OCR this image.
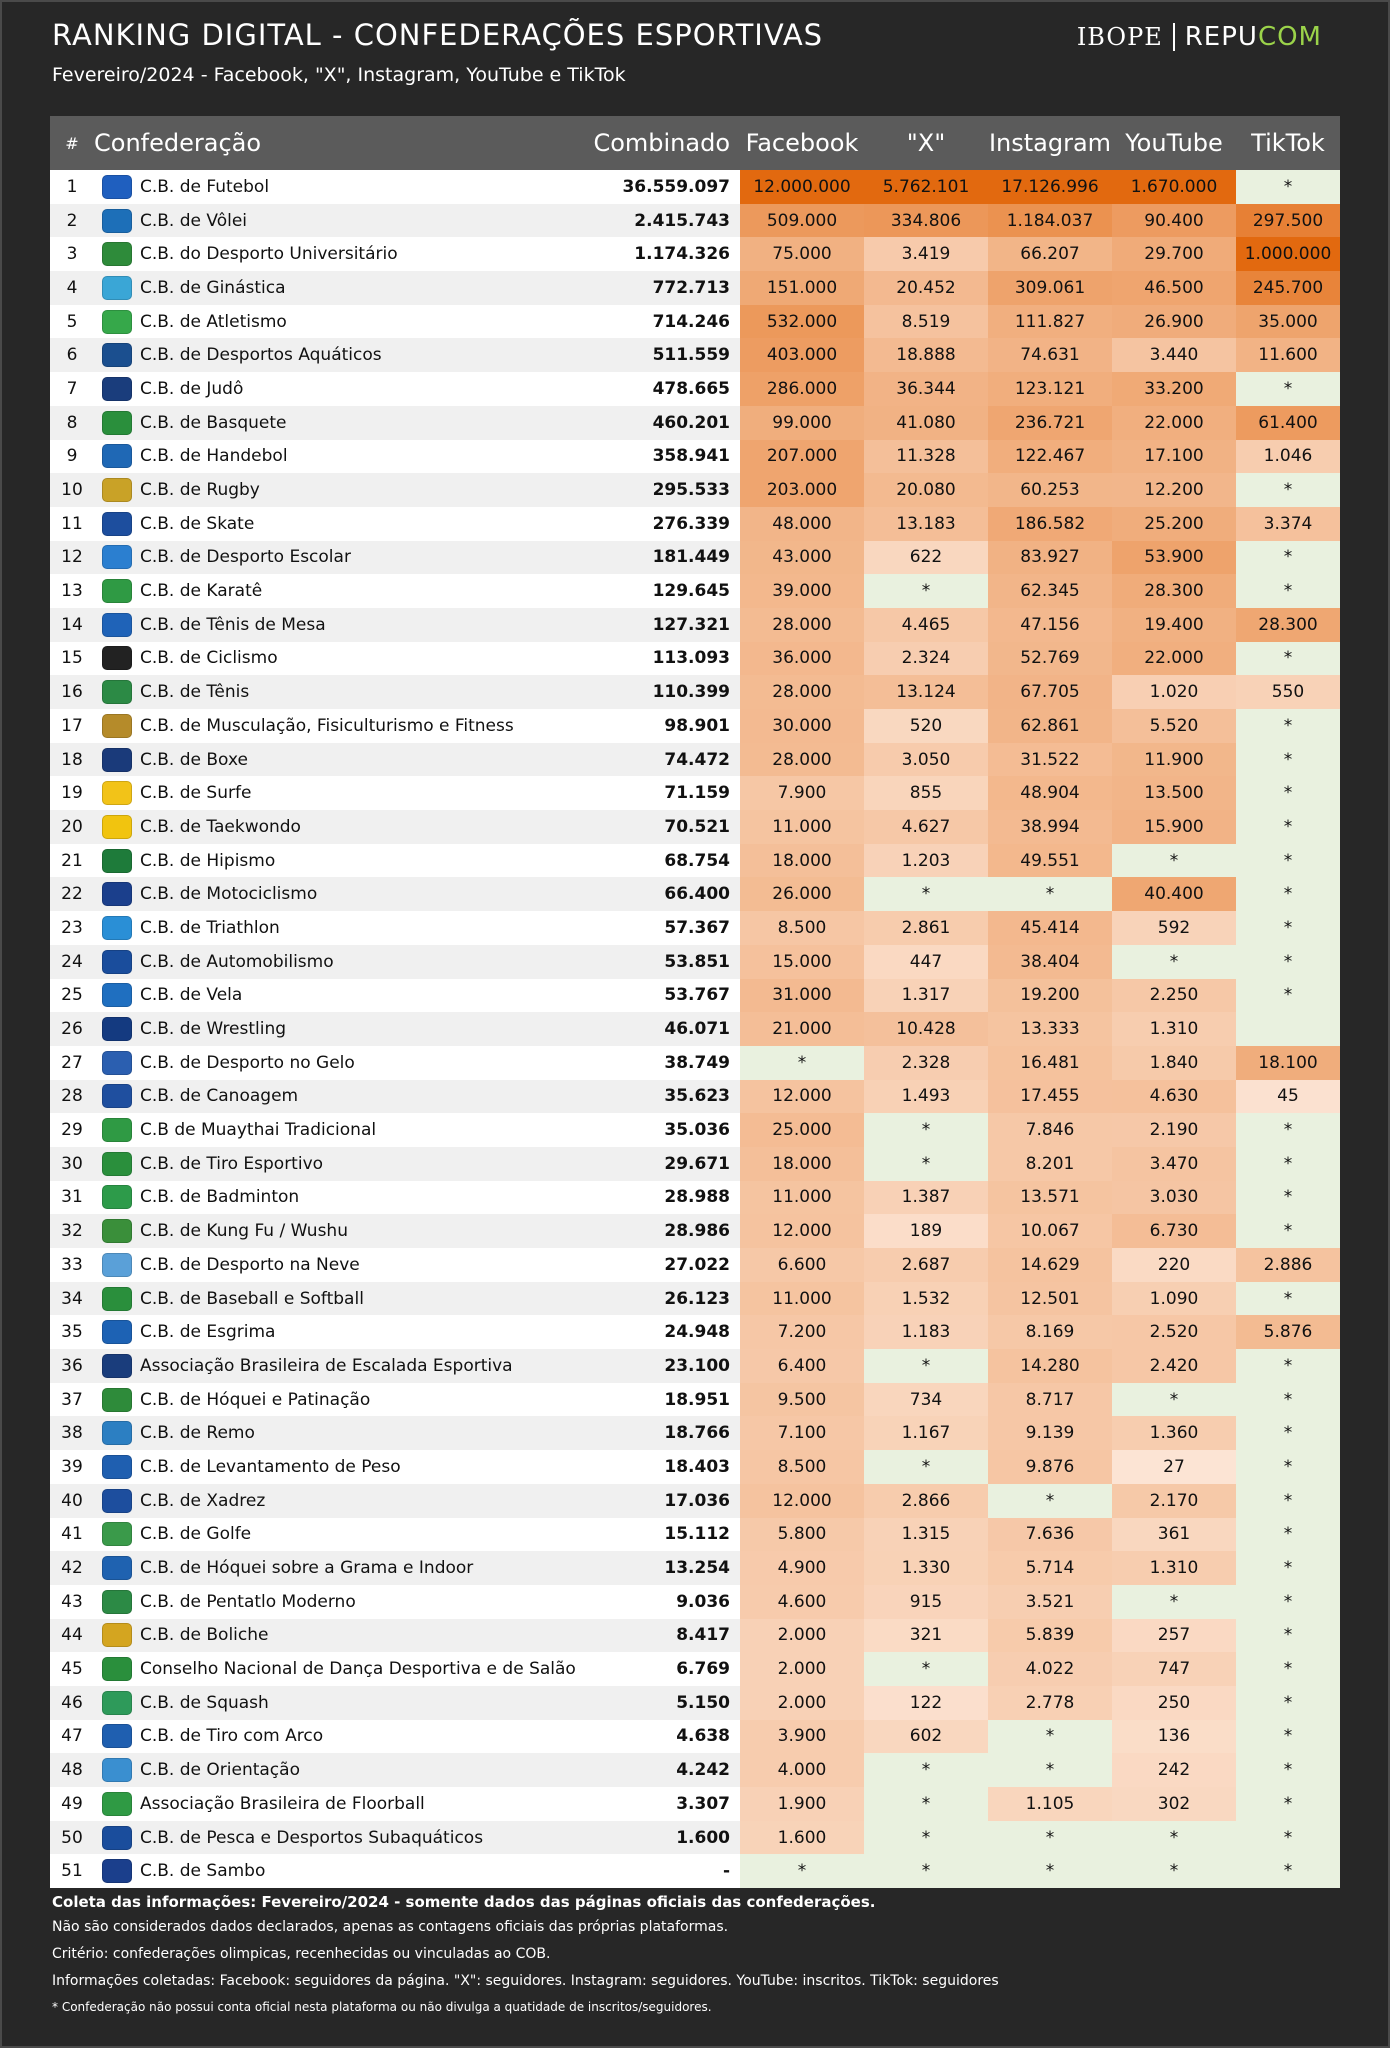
RANKING DIGITAL - CONFEDERAÇÕES ESPORTIVAS
Fevereiro/2024 - Facebook, "X", Instagram, YouTube e TikTok
IBOPE REPUCOM
#	Confederação		Combinado	Facebook	"X"	Instagram	YouTube	TikTok
1		C.B. de Futebol	36.559.097	12.000.000	5.762.101	17.126.996	1.670.000	*
2		C.B. de Vôlei	2.415.743	509.000	334.806	1.184.037	90.400	297.500
3		C.B. do Desporto Universitário	1.174.326	75.000	3.419	66.207	29.700	1.000.000
4		C.B. de Ginástica	772.713	151.000	20.452	309.061	46.500	245.700
5		C.B. de Atletismo	714.246	532.000	8.519	111.827	26.900	35.000
6		C.B. de Desportos Aquáticos	511.559	403.000	18.888	74.631	3.440	11.600
7		C.B. de Judô	478.665	286.000	36.344	123.121	33.200	*
8		C.B. de Basquete	460.201	99.000	41.080	236.721	22.000	61.400
9		C.B. de Handebol	358.941	207.000	11.328	122.467	17.100	1.046
10		C.B. de Rugby	295.533	203.000	20.080	60.253	12.200	*
11		C.B. de Skate	276.339	48.000	13.183	186.582	25.200	3.374
12		C.B. de Desporto Escolar	181.449	43.000	622	83.927	53.900	*
13		C.B. de Karatê	129.645	39.000	*	62.345	28.300	*
14		C.B. de Tênis de Mesa	127.321	28.000	4.465	47.156	19.400	28.300
15		C.B. de Ciclismo	113.093	36.000	2.324	52.769	22.000	*
16		C.B. de Tênis	110.399	28.000	13.124	67.705	1.020	550
17		C.B. de Musculação, Fisiculturismo e Fitness	98.901	30.000	520	62.861	5.520	*
18		C.B. de Boxe	74.472	28.000	3.050	31.522	11.900	*
19		C.B. de Surfe	71.159	7.900	855	48.904	13.500	*
20		C.B. de Taekwondo	70.521	11.000	4.627	38.994	15.900	*
21		C.B. de Hipismo	68.754	18.000	1.203	49.551	*	*
22		C.B. de Motociclismo	66.400	26.000	*	*	40.400	*
23		C.B. de Triathlon	57.367	8.500	2.861	45.414	592	*
24		C.B. de Automobilismo	53.851	15.000	447	38.404	*	*
25		C.B. de Vela	53.767	31.000	1.317	19.200	2.250	*
26		C.B. de Wrestling	46.071	21.000	10.428	13.333	1.310	
27		C.B. de Desporto no Gelo	38.749	*	2.328	16.481	1.840	18.100
28		C.B. de Canoagem	35.623	12.000	1.493	17.455	4.630	45
29		C.B de Muaythai Tradicional	35.036	25.000	*	7.846	2.190	*
30		C.B. de Tiro Esportivo	29.671	18.000	*	8.201	3.470	*
31		C.B. de Badminton	28.988	11.000	1.387	13.571	3.030	*
32		C.B. de Kung Fu / Wushu	28.986	12.000	189	10.067	6.730	*
33		C.B. de Desporto na Neve	27.022	6.600	2.687	14.629	220	2.886
34		C.B. de Baseball e Softball	26.123	11.000	1.532	12.501	1.090	*
35		C.B. de Esgrima	24.948	7.200	1.183	8.169	2.520	5.876
36		Associação Brasileira de Escalada Esportiva	23.100	6.400	*	14.280	2.420	*
37		C.B. de Hóquei e Patinação	18.951	9.500	734	8.717	*	*
38		C.B. de Remo	18.766	7.100	1.167	9.139	1.360	*
39		C.B. de Levantamento de Peso	18.403	8.500	*	9.876	27	*
40		C.B. de Xadrez	17.036	12.000	2.866	*	2.170	*
41		C.B. de Golfe	15.112	5.800	1.315	7.636	361	*
42		C.B. de Hóquei sobre a Grama e Indoor	13.254	4.900	1.330	5.714	1.310	*
43		C.B. de Pentatlo Moderno	9.036	4.600	915	3.521	*	*
44		C.B. de Boliche	8.417	2.000	321	5.839	257	*
45		Conselho Nacional de Dança Desportiva e de Salão	6.769	2.000	*	4.022	747	*
46		C.B. de Squash	5.150	2.000	122	2.778	250	*
47		C.B. de Tiro com Arco	4.638	3.900	602	*	136	*
48		C.B. de Orientação	4.242	4.000	*	*	242	*
49		Associação Brasileira de Floorball	3.307	1.900	*	1.105	302	*
50		C.B. de Pesca e Desportos Subaquáticos	1.600	1.600	*	*	*	*
51		C.B. de Sambo	-	*	*	*	*	*
Coleta das informações: Fevereiro/2024 - somente dados das páginas oficiais das confederações.
Não são considerados dados declarados, apenas as contagens oficiais das próprias plataformas.
Critério: confederações olimpicas, recenhecidas ou vinculadas ao COB.
Informações coletadas: Facebook: seguidores da página. "X": seguidores. Instagram: seguidores. YouTube: inscritos. TikTok: seguidores
* Confederação não possui conta oficial nesta plataforma ou não divulga a quatidade de inscritos/seguidores.
